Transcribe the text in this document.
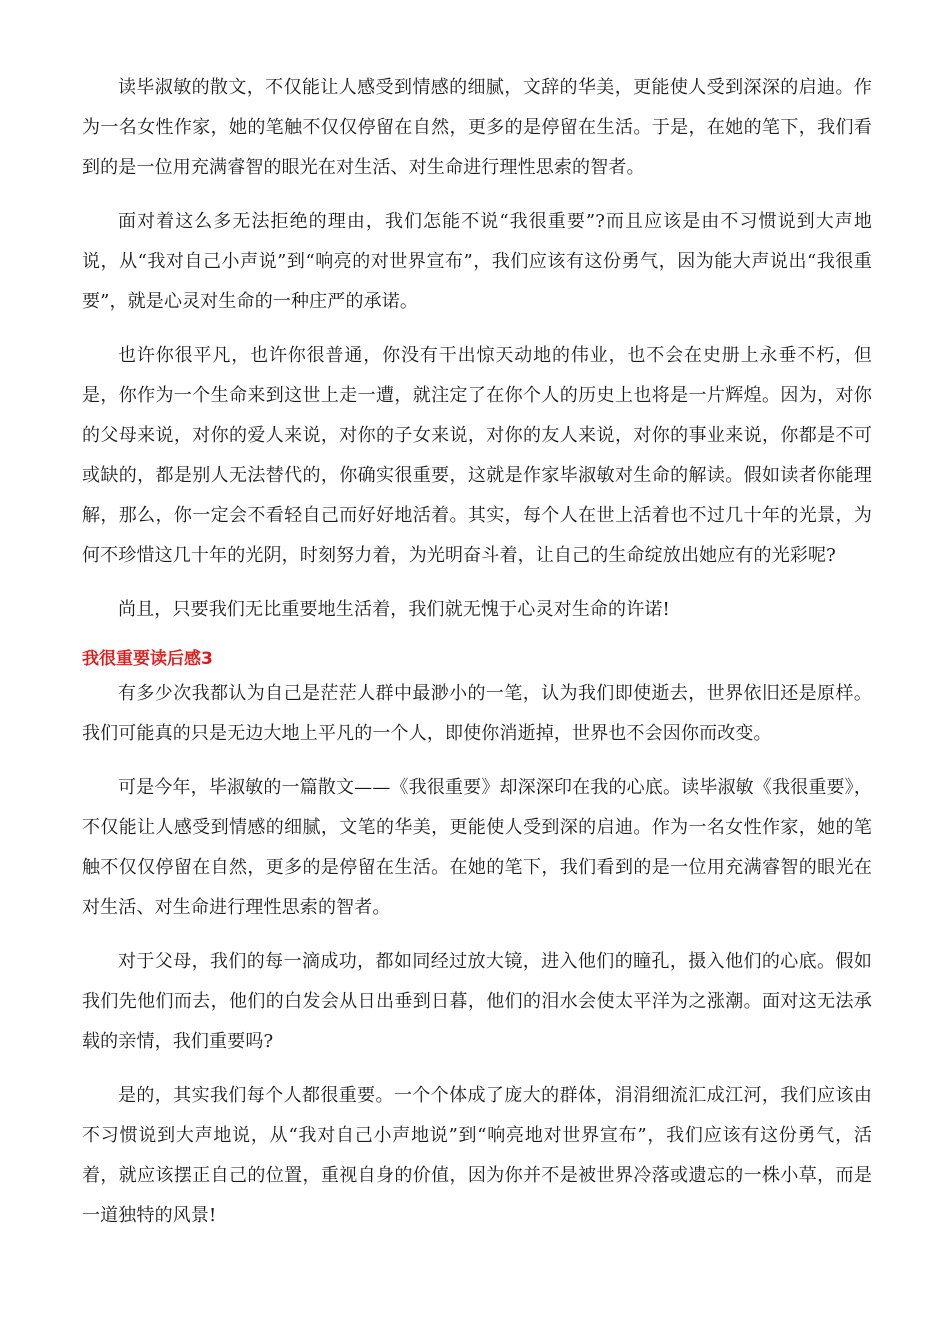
读毕淑敏的散文，不仅能让人感受到情感的细腻，文辞的华美，更能使人受到深深的启迪。作为一名女性作家，她的笔触不仅仅停留在自然，更多的是停留在生活。于是，在她的笔下，我们看到的是一位用充满睿智的眼光在对生活、对生命进行理性思索的智者。

面对着这么多无法拒绝的理由，我们怎能不说“我很重要”?而且应该是由不习惯说到大声地说，从“我对自己小声说”到“响亮的对世界宣布”，我们应该有这份勇气，因为能大声说出“我很重要”，就是心灵对生命的一种庄严的承诺。

也许你很平凡，也许你很普通，你没有干出惊天动地的伟业，也不会在史册上永垂不朽，但是，你作为一个生命来到这世上走一遭，就注定了在你个人的历史上也将是一片辉煌。因为，对你的父母来说，对你的爱人来说，对你的子女来说，对你的友人来说，对你的事业来说，你都是不可或缺的，都是别人无法替代的，你确实很重要，这就是作家毕淑敏对生命的解读。假如读者你能理解，那么，你一定会不看轻自己而好好地活着。其实，每个人在世上活着也不过几十年的光景，为何不珍惜这几十年的光阴，时刻努力着，为光明奋斗着，让自己的生命绽放出她应有的光彩呢?

尚且，只要我们无比重要地生活着，我们就无愧于心灵对生命的许诺!

我很重要读后感3

有多少次我都认为自己是茫茫人群中最渺小的一笔，认为我们即使逝去，世界依旧还是原样。我们可能真的只是无边大地上平凡的一个人，即使你消逝掉，世界也不会因你而改变。

可是今年，毕淑敏的一篇散文——《我很重要》却深深印在我的心底。读毕淑敏《我很重要》，不仅能让人感受到情感的细腻，文笔的华美，更能使人受到深的启迪。作为一名女性作家，她的笔触不仅仅停留在自然，更多的是停留在生活。在她的笔下，我们看到的是一位用充满睿智的眼光在对生活、对生命进行理性思索的智者。

对于父母，我们的每一滴成功，都如同经过放大镜，进入他们的瞳孔，摄入他们的心底。假如我们先他们而去，他们的白发会从日出垂到日暮，他们的泪水会使太平洋为之涨潮。面对这无法承载的亲情，我们重要吗?

是的，其实我们每个人都很重要。一个个体成了庞大的群体，涓涓细流汇成江河，我们应该由不习惯说到大声地说，从“我对自己小声地说”到“响亮地对世界宣布”，我们应该有这份勇气，活着，就应该摆正自己的位置，重视自身的价值，因为你并不是被世界冷落或遗忘的一株小草，而是一道独特的风景!
